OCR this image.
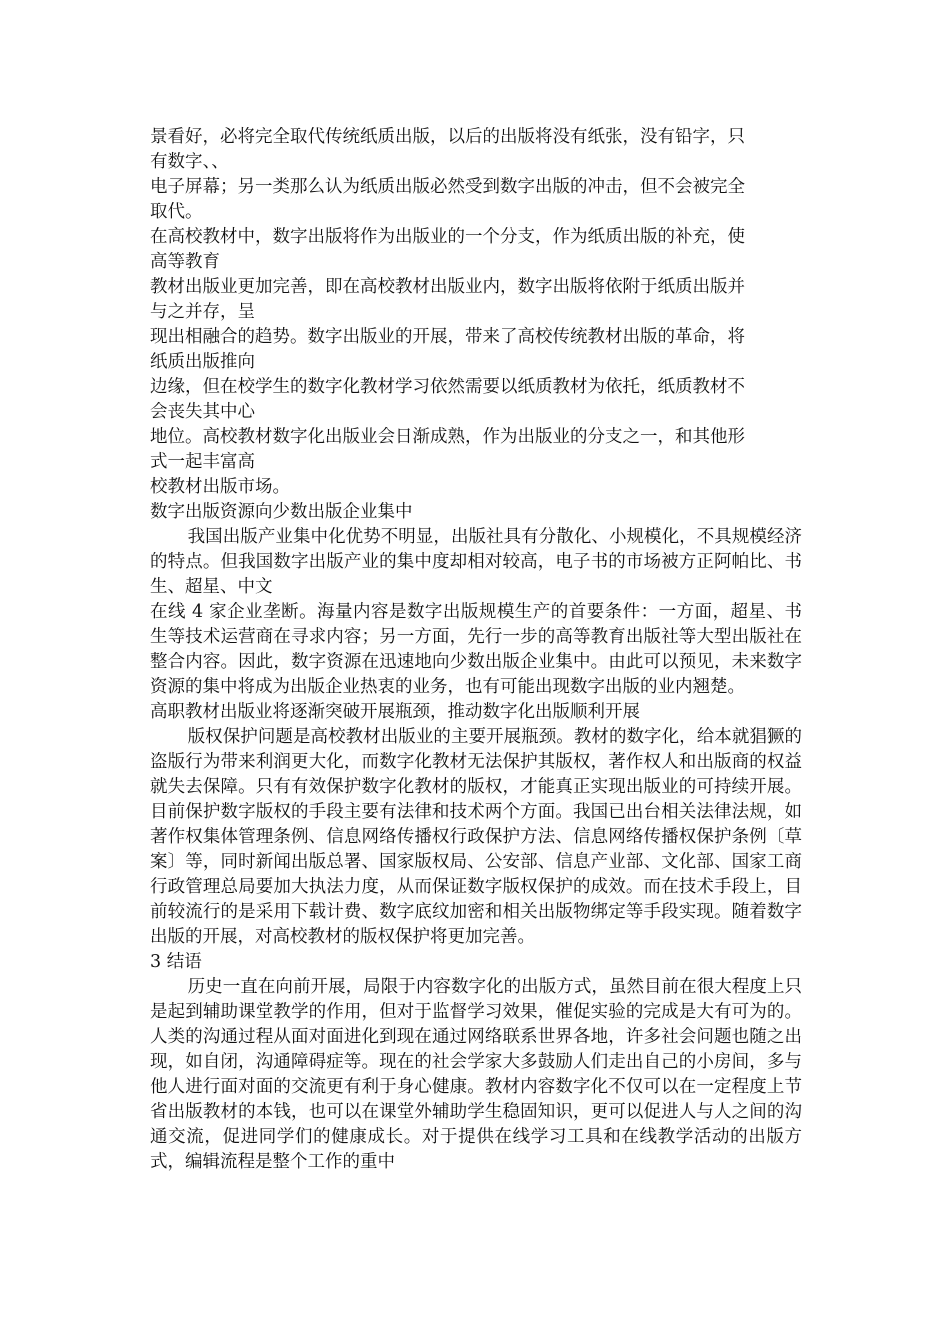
景看好，必将完全取代传统纸质出版，以后的出版将没有纸张，没有铅字，只
有数字、、
电子屏幕；另一类那么认为纸质出版必然受到数字出版的冲击，但不会被完全
取代。
在高校教材中，数字出版将作为出版业的一个分支，作为纸质出版的补充，使
高等教育
教材出版业更加完善，即在高校教材出版业内，数字出版将依附于纸质出版并
与之并存，呈
现出相融合的趋势。数字出版业的开展，带来了高校传统教材出版的革命，将
纸质出版推向
边缘，但在校学生的数字化教材学习依然需要以纸质教材为依托，纸质教材不
会丧失其中心
地位。高校教材数字化出版业会日渐成熟，作为出版业的分支之一，和其他形
式一起丰富高
校教材出版市场。
数字出版资源向少数出版企业集中

我国出版产业集中化优势不明显，出版社具有分散化、小规模化，不具规模经济的特点。但我国数字出版产业的集中度却相对较高，电子书的市场被方正阿帕比、书生、超星、中文

在线 4 家企业垄断。海量内容是数字出版规模生产的首要条件：一方面，超星、书生等技术运营商在寻求内容；另一方面，先行一步的高等教育出版社等大型出版社在整合内容。因此，数字资源在迅速地向少数出版企业集中。由此可以预见，未来数字资源的集中将成为出版企业热衷的业务，也有可能出现数字出版的业内翘楚。

高职教材出版业将逐渐突破开展瓶颈，推动数字化出版顺利开展

版权保护问题是高校教材出版业的主要开展瓶颈。教材的数字化，给本就猖獗的盗版行为带来利润更大化，而数字化教材无法保护其版权，著作权人和出版商的权益就失去保障。只有有效保护数字化教材的版权，才能真正实现出版业的可持续开展。目前保护数字版权的手段主要有法律和技术两个方面。我国已出台相关法律法规，如著作权集体管理条例、信息网络传播权行政保护方法、信息网络传播权保护条例〔草案〕等，同时新闻出版总署、国家版权局、公安部、信息产业部、文化部、国家工商行政管理总局要加大执法力度，从而保证数字版权保护的成效。而在技术手段上，目前较流行的是采用下载计费、数字底纹加密和相关出版物绑定等手段实现。随着数字出版的开展，对高校教材的版权保护将更加完善。

3 结语

历史一直在向前开展，局限于内容数字化的出版方式，虽然目前在很大程度上只是起到辅助课堂教学的作用，但对于监督学习效果，催促实验的完成是大有可为的。人类的沟通过程从面对面进化到现在通过网络联系世界各地，许多社会问题也随之出现，如自闭，沟通障碍症等。现在的社会学家大多鼓励人们走出自己的小房间，多与他人进行面对面的交流更有利于身心健康。教材内容数字化不仅可以在一定程度上节省出版教材的本钱，也可以在课堂外辅助学生稳固知识，更可以促进人与人之间的沟通交流，促进同学们的健康成长。对于提供在线学习工具和在线教学活动的出版方式，编辑流程是整个工作的重中
